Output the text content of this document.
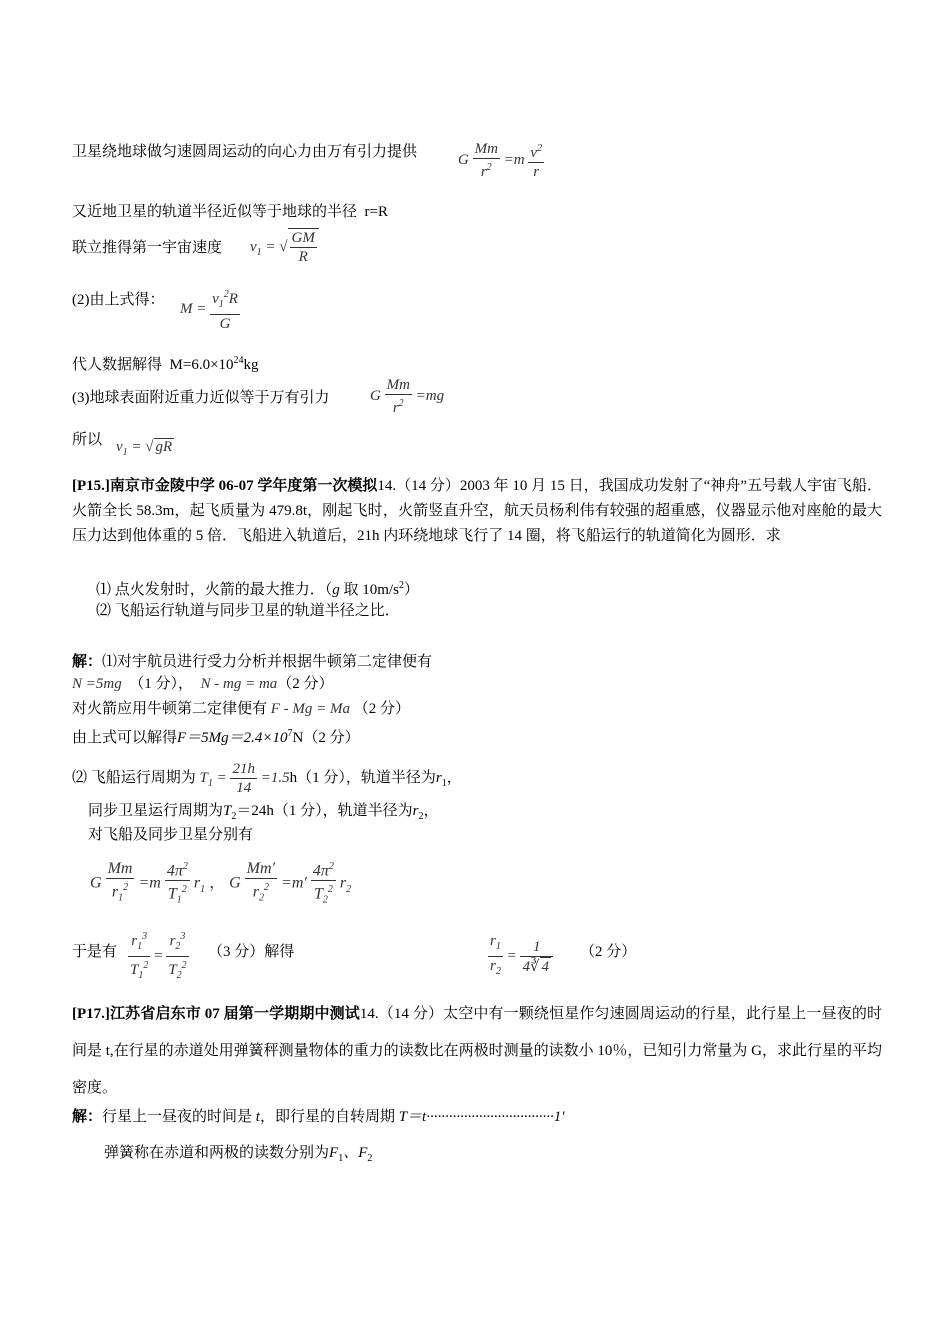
卫星绕地球做匀速圆周运动的向心力由万有引力提供	G $\frac{Mm}{r^2} =m \frac{v^2}{r}$
又近地卫星的轨道半径近似等于地球的半径 r=R
联立推得第一宇宙速度 $v_1$ = √ $\frac{GM}{R}$
(2)由上式得：
$M = \frac{v_1^2R}{G}$
代人数据解得 $M=6.0\times 10^{24}kg$
(3)地球表面附近重力近似等于万有引力	G $\frac{Mm}{r^2} =mg$
所以 $v_1$ = √ gR
[P15.]南京市金陵中学 06-07 学年度第一次模拟14.（14 分）2003 年 10 月 15 日，我国成功发射了“神舟”五号载人宇宙飞船．火箭全长 58.3m，起飞质量为 479.8t，刚起飞时，火箭竖直升空，航天员杨利伟有较强的超重感，仪器显示他对座舱的最大压力达到他体重的 5 倍．飞船进入轨道后，21h 内环绕地球飞行了 14 圈，将飞船运行的轨道简化为圆形．求
⑴ 点火发射时，火箭的最大推力．（g 取 $10m/s^2$）
⑵ 飞船运行轨道与同步卫星的轨道半径之比．
解：⑴对宇航员进行受力分析并根据牛顿第二定律便有
N =5mg （1 分）， N - mg = ma（2 分）
对火箭应用牛顿第二定律便有 F - Mg = Ma （2 分）
由上式可以解得$F=5Mg=2.4\times 10^7N(2$ 分）
⑵ 飞船运行周期为 $T_1 = \frac{21h}{14} =1.5h(1$ 分），轨道半径为$r_1$，
同步卫星运行周期为$T_2=24h(1$ 分），轨道半径为$r_2$，
对飞船及同步卫星分别有
G $\frac{Mm}{r_1^2} =m \frac{4\pi^2}{T_1^2} r_1$ ， G $\frac{Mm'}{r_2^2} =m' \frac{4\pi^2}{T_2^2} r_2$
于是有 $\frac{r_1^3}{T_1^2} = \frac{r_2^3}{T_2^2} (3$ 分）解得	$\frac{r_1}{r_2} = \frac{1}{4∛ 4} (2$ 分）
[P17.]江苏省启东市 07 届第一学期期中测试14.（14 分）太空中有一颗绕恒星作匀速圆周运动的行星，此行星上一昼夜的时间是 t,在行星的赤道处用弹簧秤测量物体的重力的读数比在两极时测量的读数小 10％，已知引力常量为 G，求此行星的平均密度。
解：行星上一昼夜的时间是 t，即行星的自转周期 T＝t··································1′
弹簧称在赤道和两极的读数分别为$F_1$、$F_2$
